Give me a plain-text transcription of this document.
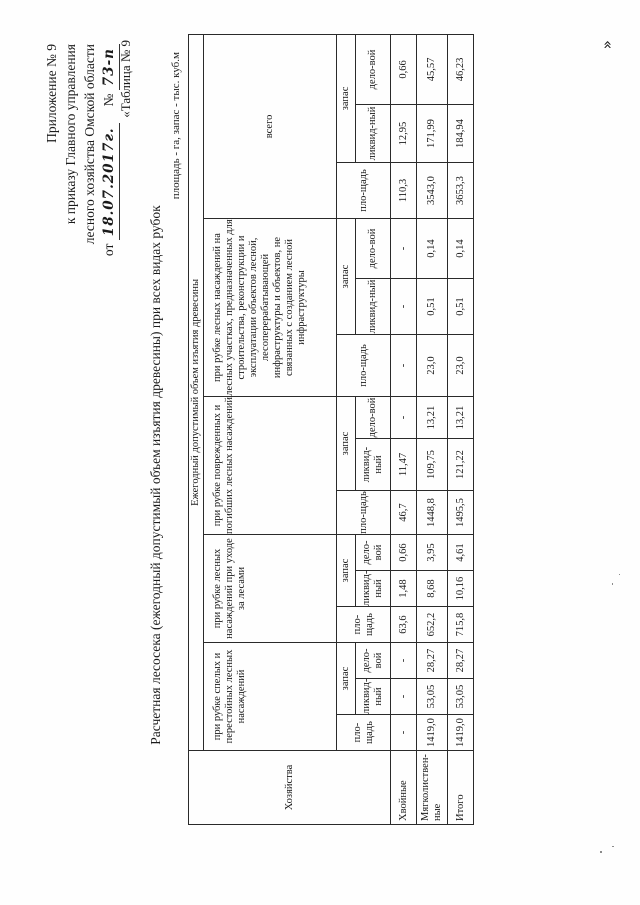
Приложение № 9 к приказу Главного управления лесного хозяйства Омской области
от 18.07.2017г.     № 73-п «Таблица № 9
Расчетная лесосека (ежегодный допустимый объем изъятия древесины) при всех видах рубок
площадь - га, запас - тыс. куб.м
Хозяйства	Ежегодный допустимый объем изъятия древесины														
	при рубке спелых и перестойных лесных насаждений			при рубке лесных насаждений при уходе за лесами			при рубке поврежденных и погибших лесных насаждений			при рубке лесных насаждений на лесных участках, предназначенных для строительства, реконструкции и эксплуатации объектов лесной, лесоперерабатывающей инфраструктуры и объектов, не связанных с созданием лесной инфраструктуры			всего		
	пло-щадь	запас		пло-щадь	запас		пло-щадь	запас		пло-щадь	запас		пло-щадь	запас	
		ликвид-ный	дело-вой		ликвид-ный	дело-вой		ликвид-ный	дело-вой		ликвид-ный	дело-вой		ликвид-ный	дело-вой
Хвойные	-	-	-	63,6	1,48	0,66	46,7	11,47	-	-	-	-	110,3	12,95	0,66
Мягколиствен-ные	1419,0	53,05	28,27	652,2	8,68	3,95	1448,8	109,75	13,21	23,0	0,51	0,14	3543,0	171,99	45,57
Итого	1419,0	53,05	28,27	715,8	10,16	4,61	1495,5	121,22	13,21	23,0	0,51	0,14	3653,3	184,94	46,23
»
